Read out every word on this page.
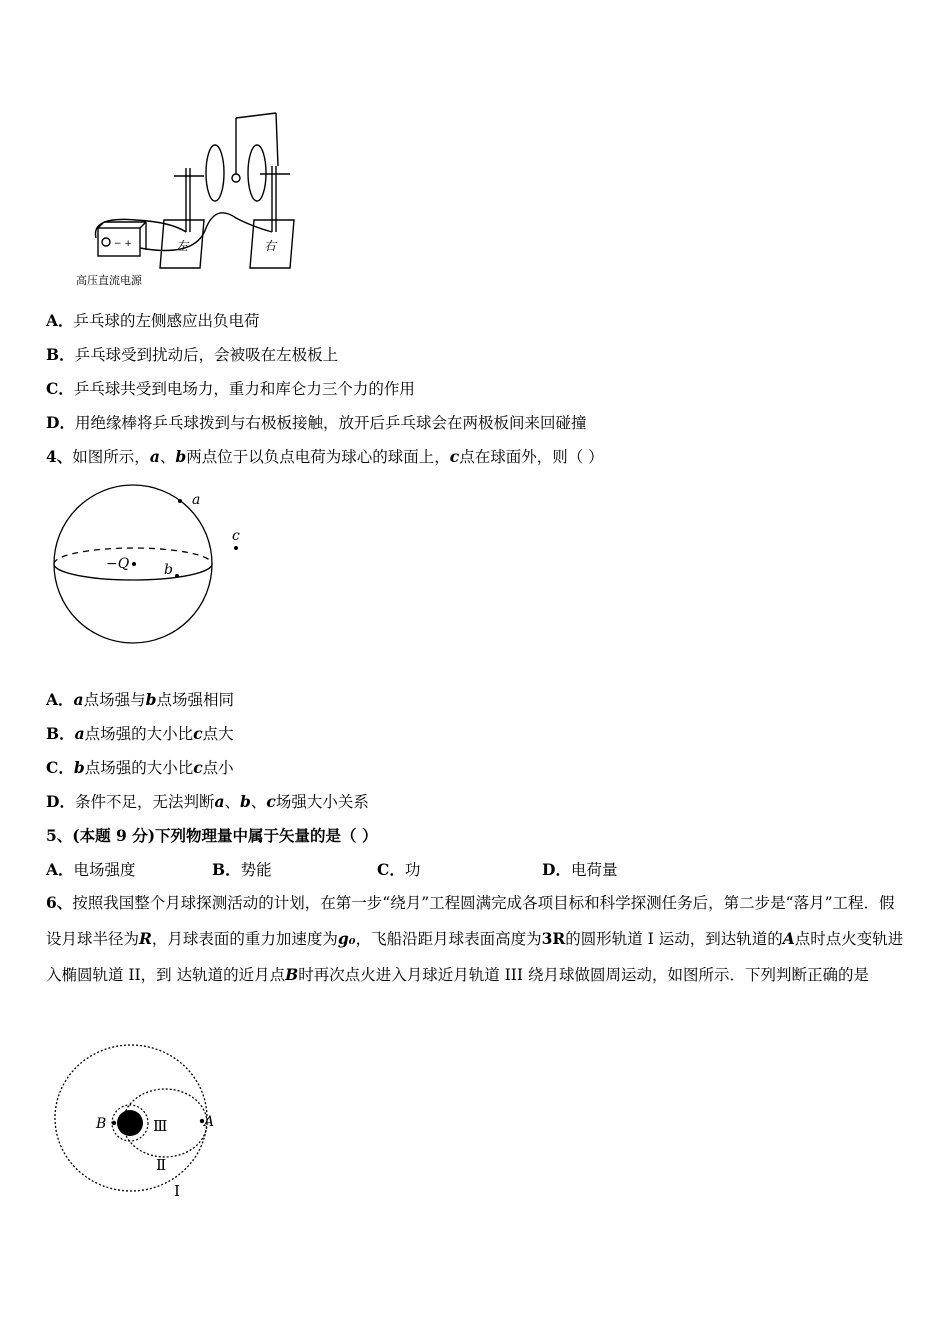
− +	左	右
高压直流电源
A．乒乓球的左侧感应出负电荷
B．乒乓球受到扰动后，会被吸在左极板上
C．乒乓球共受到电场力，重力和库仑力三个力的作用
D．用绝缘棒将乒乓球拨到与右极板接触，放开后乒乓球会在两极板间来回碰撞
4、如图所示，a、b两点位于以负点电荷为球心的球面上，c点在球面外，则（ ）
a
c
−Q b
A．a点场强与b点场强相同
B．a点场强的大小比c点大
C．b点场强的大小比c点小
D．条件不足，无法判断a、b、c场强大小关系
5、(本题 9 分)下列物理量中属于矢量的是（ ）
A．电场强度	B．势能	C．功	D．电荷量
6、按照我国整个月球探测活动的计划，在第一步“绕月”工程圆满完成各项目标和科学探测任务后，第二步是“落月”工程．假设月球半径为R，月球表面的重力加速度为g₀，飞船沿距月球表面高度为3R的圆形轨道 I 运动，到达轨道的A点时点火变轨进入椭圆轨道 II，到 达轨道的近月点B时再次点火进入月球近月轨道 III 绕月球做圆周运动，如图所示．下列判断正确的是
B	A
Ⅲ
Ⅱ
Ⅰ
